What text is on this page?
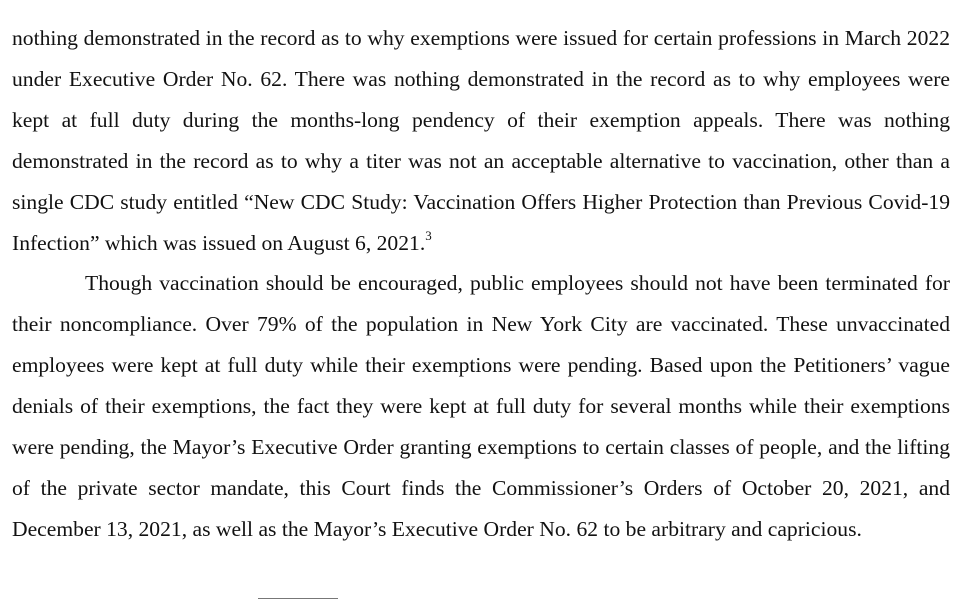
nothing demonstrated in the record as to why exemptions were issued for certain professions in March 2022 under Executive Order No. 62. There was nothing demonstrated in the record as to why employees were kept at full duty during the months-long pendency of their exemption appeals. There was nothing demonstrated in the record as to why a titer was not an acceptable alternative to vaccination, other than a single CDC study entitled “New CDC Study: Vaccination Offers Higher Protection than Previous Covid-19 Infection” which was issued on August 6, 2021.$^3$

Though vaccination should be encouraged, public employees should not have been terminated for their noncompliance. Over 79% of the population in New York City are vaccinated. These unvaccinated employees were kept at full duty while their exemptions were pending. Based upon the Petitioners’ vague denials of their exemptions, the fact they were kept at full duty for several months while their exemptions were pending, the Mayor’s Executive Order granting exemptions to certain classes of people, and the lifting of the private sector mandate, this Court finds the Commissioner’s Orders of October 20, 2021, and December 13, 2021, as well as the Mayor’s Executive Order No. 62 to be arbitrary and capricious.
